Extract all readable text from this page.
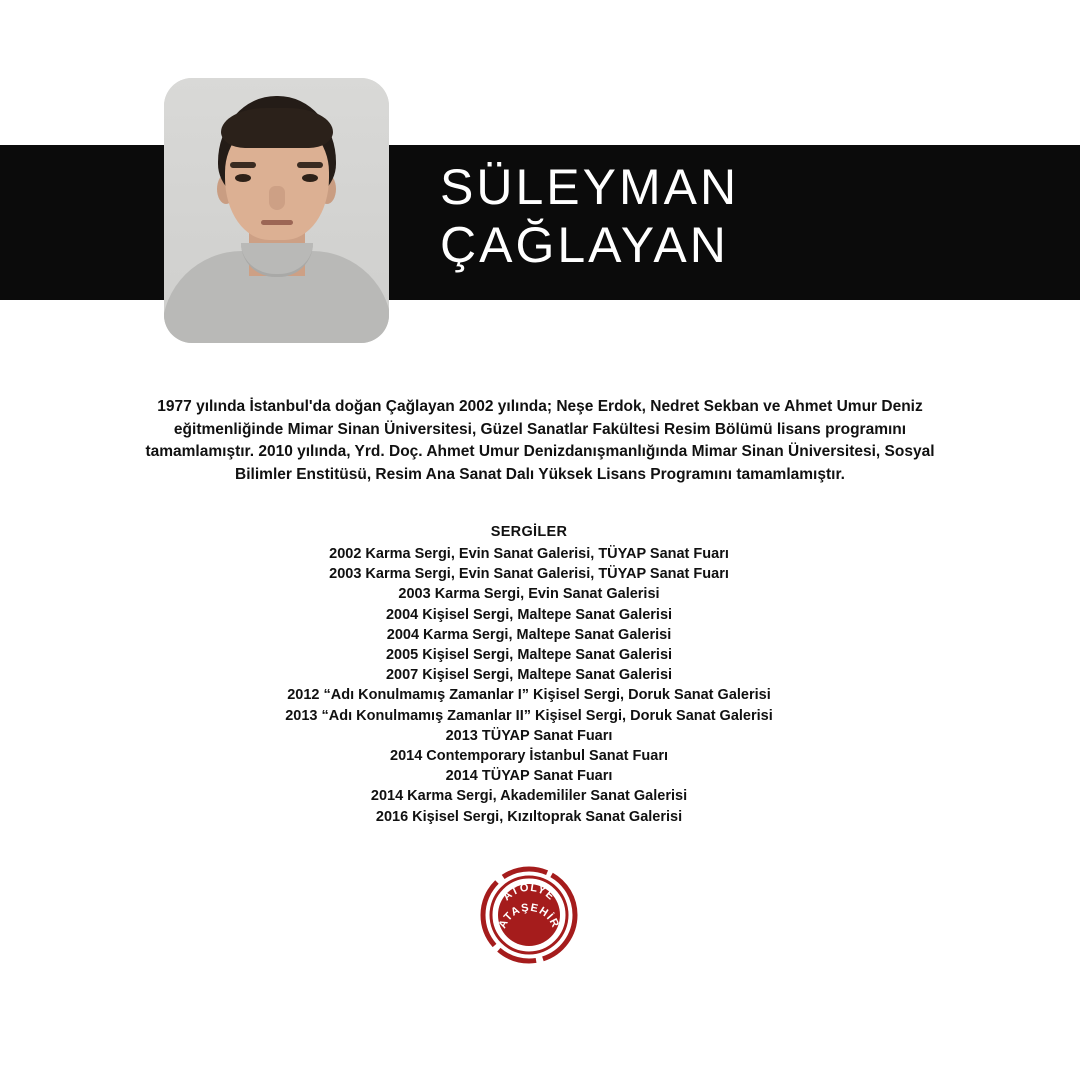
SÜLEYMAN
ÇAĞLAYAN

1977 yılında İstanbul'da doğan Çağlayan 2002 yılında; Neşe Erdok, Nedret Sekban ve Ahmet Umur Deniz eğitmenliğinde Mimar Sinan Üniversitesi, Güzel Sanatlar Fakültesi Resim Bölümü lisans programını tamamlamıştır. 2010 yılında, Yrd. Doç. Ahmet Umur Denizdanışmanlığında Mimar Sinan Üniversitesi, Sosyal Bilimler Enstitüsü, Resim Ana Sanat Dalı Yüksek Lisans Programını tamamlamıştır.

SERGİLER
2002 Karma Sergi, Evin Sanat Galerisi, TÜYAP Sanat Fuarı
2003 Karma Sergi, Evin Sanat Galerisi, TÜYAP Sanat Fuarı
2003 Karma Sergi, Evin Sanat Galerisi
2004 Kişisel Sergi, Maltepe Sanat Galerisi
2004 Karma Sergi, Maltepe Sanat Galerisi
2005 Kişisel Sergi, Maltepe Sanat Galerisi
2007 Kişisel Sergi, Maltepe Sanat Galerisi
2012 “Adı Konulmamış Zamanlar I” Kişisel Sergi, Doruk Sanat Galerisi
2013 “Adı Konulmamış Zamanlar II” Kişisel Sergi, Doruk Sanat Galerisi
2013 TÜYAP Sanat Fuarı
2014 Contemporary İstanbul Sanat Fuarı
2014 TÜYAP Sanat Fuarı
2014 Karma Sergi, Akademililer Sanat Galerisi
2016 Kişisel Sergi, Kızıltoprak Sanat Galerisi
ATÖLYE
ATAŞEHİR
